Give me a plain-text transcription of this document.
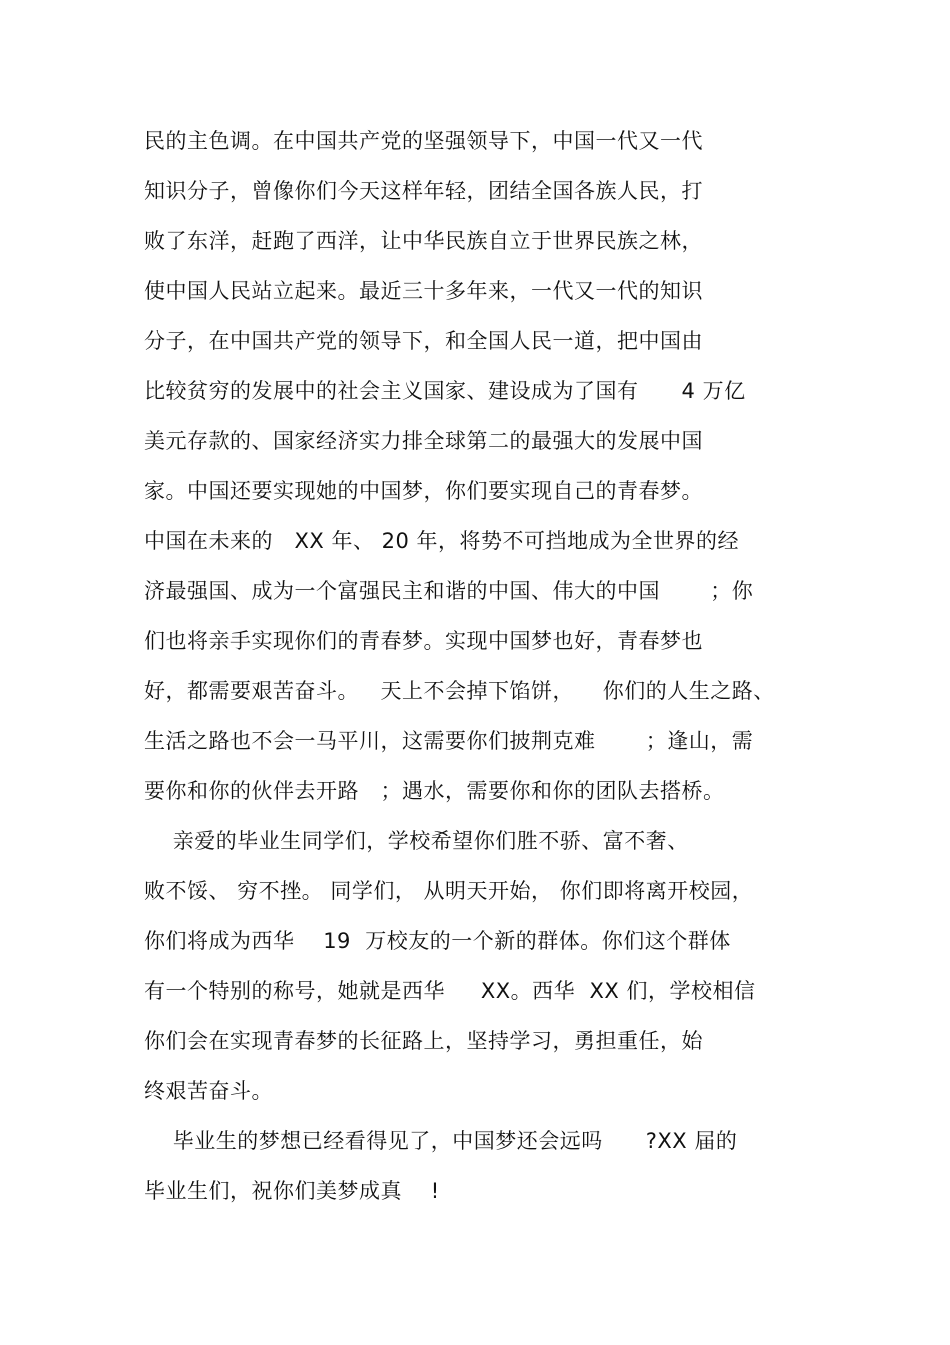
民的主色调。在中国共产党的坚强领导下，中国一代又一代
知识分子，曾像你们今天这样年轻，团结全国各族人民，打
败了东洋，赶跑了西洋，让中华民族自立于世界民族之林，
使中国人民站立起来。最近三十多年来，一代又一代的知识
分子，在中国共产党的领导下，和全国人民一道，把中国由
比较贫穷的发展中的社会主义国家、建设成为了国有      4 万亿
美元存款的、国家经济实力排全球第二的最强大的发展中国
家。中国还要实现她的中国梦，你们要实现自己的青春梦。
中国在未来的   XX 年、 20 年，将势不可挡地成为全世界的经
济最强国、成为一个富强民主和谐的中国、伟大的中国       ；你
们也将亲手实现你们的青春梦。实现中国梦也好，青春梦也
好，都需要艰苦奋斗。   天上不会掉下馅饼，    你们的人生之路、
生活之路也不会一马平川，这需要你们披荆克难       ；逢山，需
要你和你的伙伴去开路   ；遇水，需要你和你的团队去搭桥。
亲爱的毕业生同学们，学校希望你们胜不骄、富不奢、
败不馁、 穷不挫。 同学们， 从明天开始， 你们即将离开校园，
你们将成为西华    19  万校友的一个新的群体。你们这个群体
有一个特别的称号，她就是西华     XX。西华  XX 们，学校相信
你们会在实现青春梦的长征路上，坚持学习，勇担重任，始
终艰苦奋斗。
毕业生的梦想已经看得见了，中国梦还会远吗      ?XX 届的
毕业生们，祝你们美梦成真    !
